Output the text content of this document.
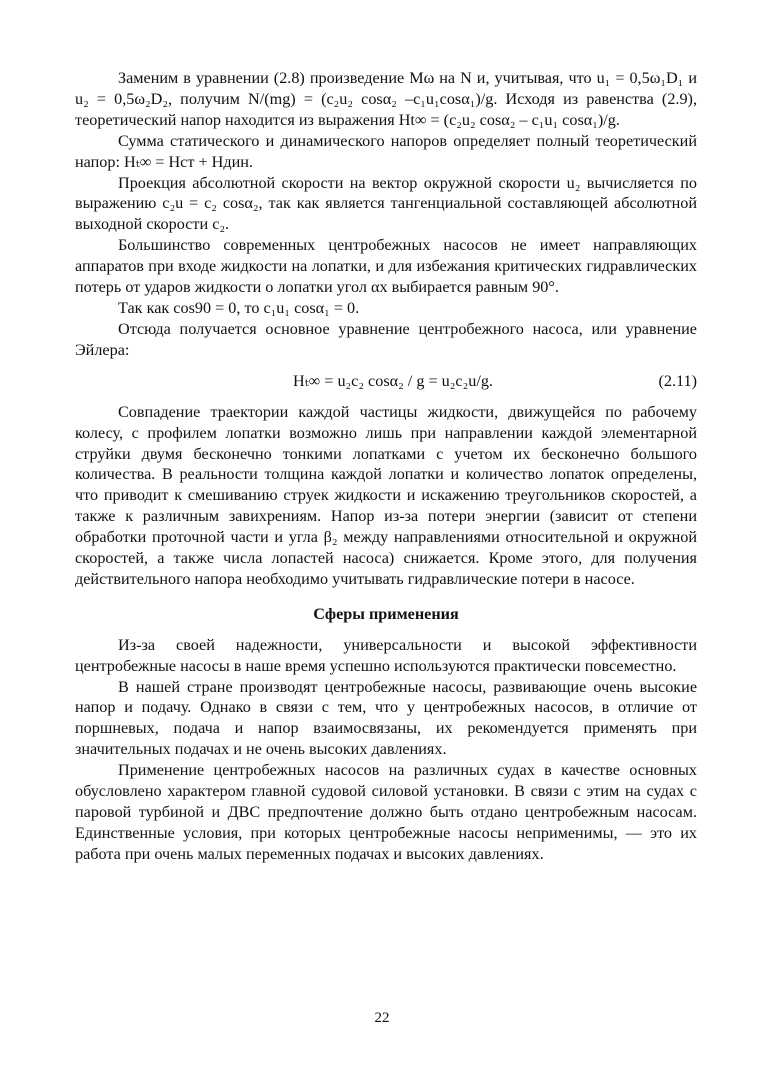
Заменим в уравнении (2.8) произведение Mω на N и, учитывая, что u₁ = 0,5ω₁D₁ и u₂ = 0,5ω₂D₂, получим N/(mg) = (c₂u₂ cosα₂ –c₁u₁cosα₁)/g. Исходя из равенства (2.9), теоретический напор находится из выражения Ht∞ = (c₂u₂ cosα₂ – c₁u₁ cosα₁)/g.

Сумма статического и динамического напоров определяет полный теоретический напор: Hₜ∞ = Hст + Hдин.

Проекция абсолютной скорости на вектор окружной скорости u₂ вычисляется по выражению c₂u = c₂ cosα₂, так как является тангенциальной составляющей абсолютной выходной скорости c₂.

Большинство современных центробежных насосов не имеет направляющих аппаратов при входе жидкости на лопатки, и для избежания критических гидравлических потерь от ударов жидкости о лопатки угол αx выбирается равным 90°.

Так как cos90 = 0, то c₁u₁ cosα₁ = 0.

Отсюда получается основное уравнение центробежного насоса, или уравнение Эйлера:

Hₜ∞ = u₂c₂ cosα₂ / g = u₂c₂u/g.	(2.11)

Совпадение траектории каждой частицы жидкости, движущейся по рабочему колесу, с профилем лопатки возможно лишь при направлении каждой элементарной струйки двумя бесконечно тонкими лопатками с учетом их бесконечно большого количества. В реальности толщина каждой лопатки и количество лопаток определены, что приводит к смешиванию струек жидкости и искажению треугольников скоростей, а также к различным завихрениям. Напор из-за потери энергии (зависит от степени обработки проточной части и угла β₂ между направлениями относительной и окружной скоростей, а также числа лопастей насоса) снижается. Кроме этого, для получения действительного напора необходимо учитывать гидравлические потери в насосе.

Сферы применения

Из-за своей надежности, универсальности и высокой эффективности центробежные насосы в наше время успешно используются практически повсеместно.

В нашей стране производят центробежные насосы, развивающие очень высокие напор и подачу. Однако в связи с тем, что у центробежных насосов, в отличие от поршневых, подача и напор взаимосвязаны, их рекомендуется применять при значительных подачах и не очень высоких давлениях.

Применение центробежных насосов на различных судах в качестве основных обусловлено характером главной судовой силовой установки. В связи с этим на судах с паровой турбиной и ДВС предпочтение должно быть отдано центробежным насосам. Единственные условия, при которых центробежные насосы неприменимы, — это их работа при очень малых переменных подачах и высоких давлениях.

22
